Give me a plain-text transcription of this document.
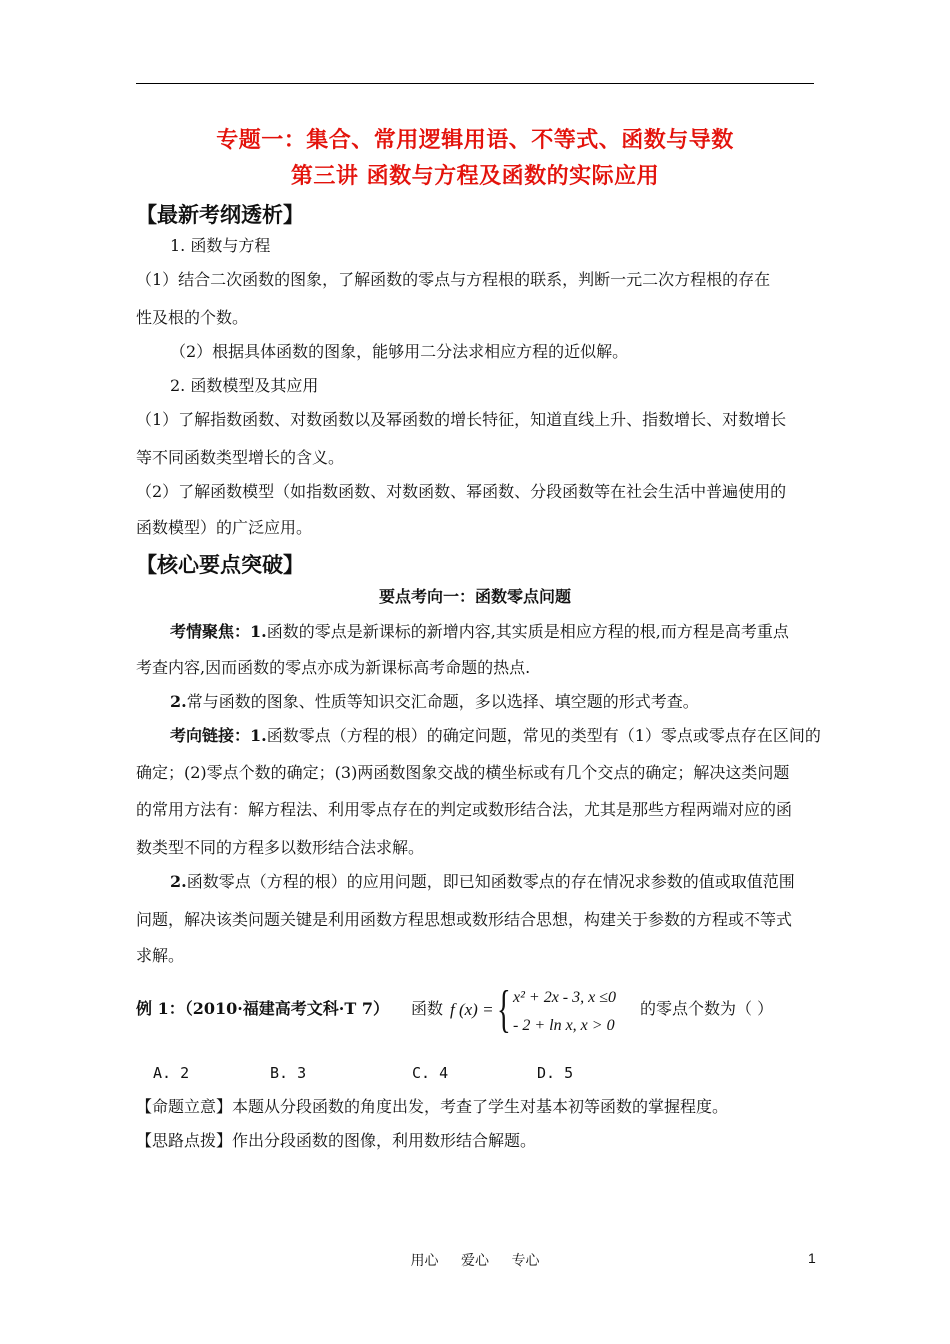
专题一：集合、常用逻辑用语、不等式、函数与导数
第三讲 函数与方程及函数的实际应用
【最新考纲透析】
1. 函数与方程
（1）结合二次函数的图象，了解函数的零点与方程根的联系，判断一元二次方程根的存在
性及根的个数。
（2）根据具体函数的图象，能够用二分法求相应方程的近似解。
2. 函数模型及其应用
（1）了解指数函数、对数函数以及幂函数的增长特征，知道直线上升、指数增长、对数增长
等不同函数类型增长的含义。
（2）了解函数模型（如指数函数、对数函数、幂函数、分段函数等在社会生活中普遍使用的
函数模型）的广泛应用。
【核心要点突破】
要点考向一：函数零点问题
考情聚焦：1.函数的零点是新课标的新增内容,其实质是相应方程的根,而方程是高考重点
考查内容,因而函数的零点亦成为新课标高考命题的热点.
2.常与函数的图象、性质等知识交汇命题，多以选择、填空题的形式考查。
考向链接：1.函数零点（方程的根）的确定问题，常见的类型有（1）零点或零点存在区间的
确定；(2)零点个数的确定；(3)两函数图象交战的横坐标或有几个交点的确定；解决这类问题
的常用方法有：解方程法、利用零点存在的判定或数形结合法，尤其是那些方程两端对应的函
数类型不同的方程多以数形结合法求解。
2.函数零点（方程的根）的应用问题，即已知函数零点的存在情况求参数的值或取值范围
问题，解决该类问题关键是利用函数方程思想或数形结合思想，构建关于参数的方程或不等式
求解。
例 1：（2010·福建高考文科·T 7）	函数 f (x) = { x² + 2x - 3, x ≤0
- 2 + ln x, x > 0
的零点个数为（ ）
A. 2	B. 3	C. 4	D. 5
【命题立意】本题从分段函数的角度出发，考查了学生对基本初等函数的掌握程度。
【思路点拨】作出分段函数的图像，利用数形结合解题。
用心 爱心 专心	1
